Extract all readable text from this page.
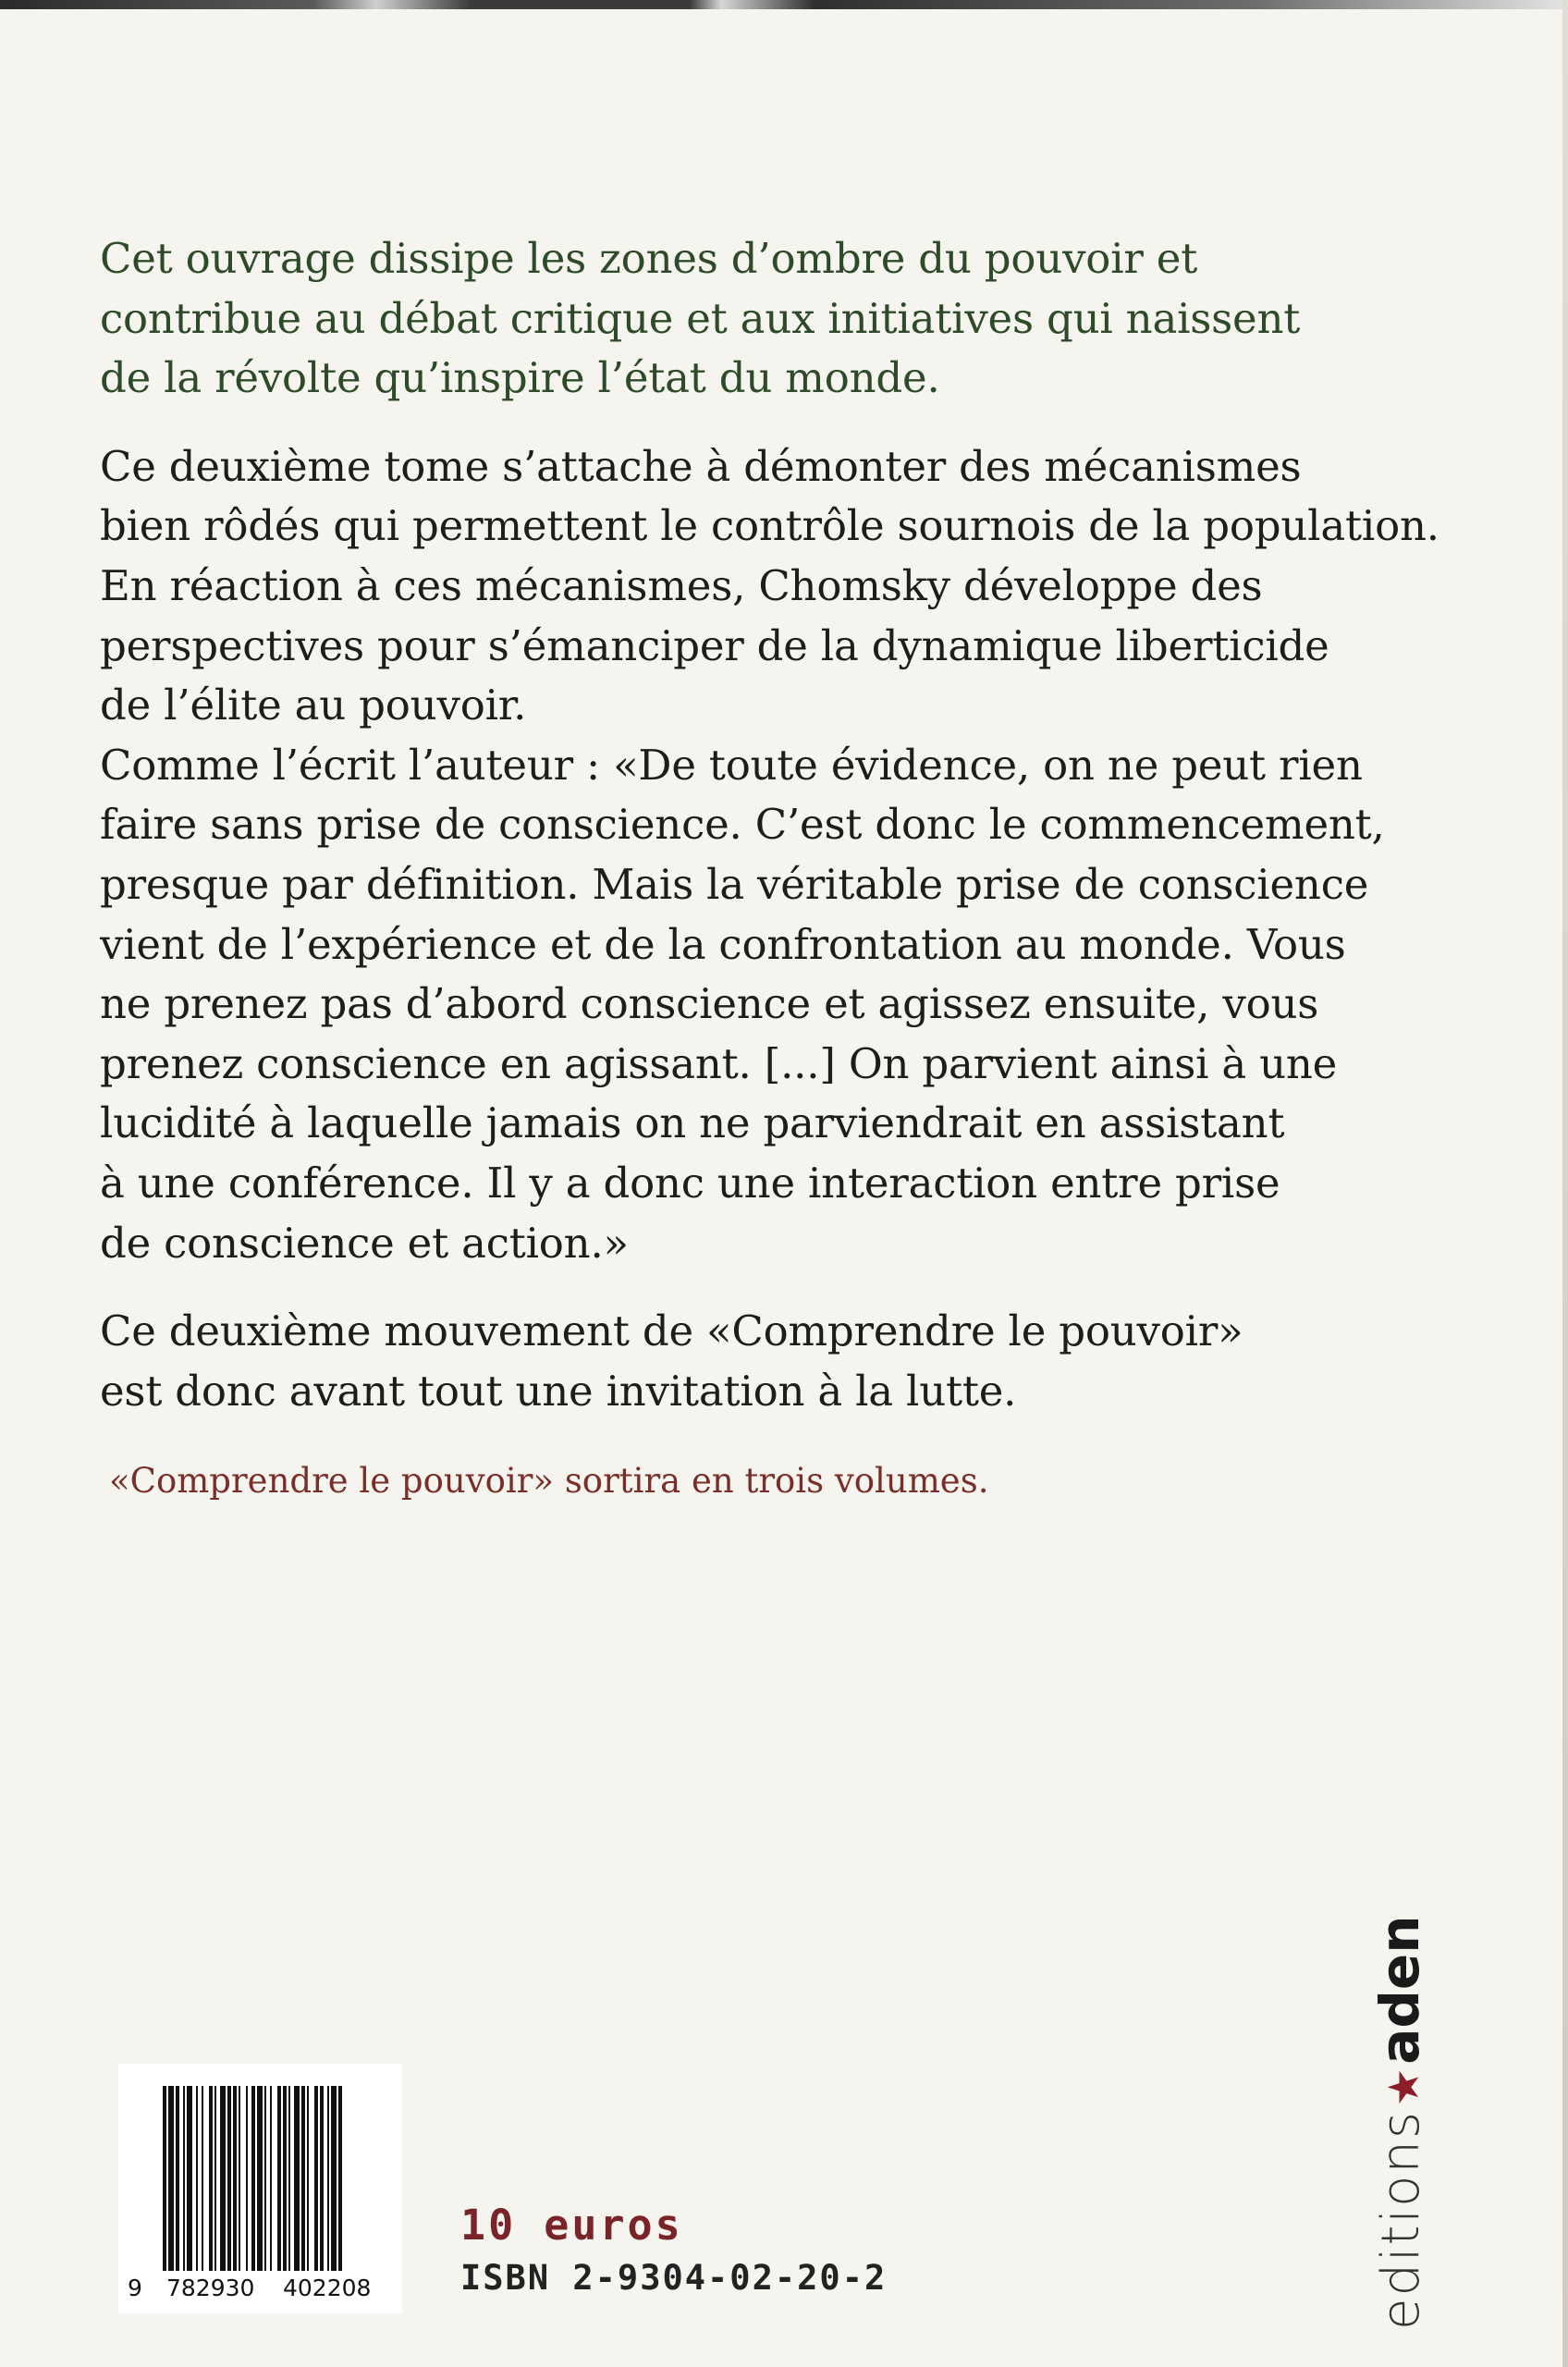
Cet ouvrage dissipe les zones d’ombre du pouvoir et
contribue au débat critique et aux initiatives qui naissent
de la révolte qu’inspire l’état du monde.
Ce deuxième tome s’attache à démonter des mécanismes
bien rôdés qui permettent le contrôle sournois de la population.
En réaction à ces mécanismes, Chomsky développe des
perspectives pour s’émanciper de la dynamique liberticide
de l’élite au pouvoir.
Comme l’écrit l’auteur : «De toute évidence, on ne peut rien
faire sans prise de conscience. C’est donc le commencement,
presque par définition. Mais la véritable prise de conscience
vient de l’expérience et de la confrontation au monde. Vous
ne prenez pas d’abord conscience et agissez ensuite, vous
prenez conscience en agissant. [...] On parvient ainsi à une
lucidité à laquelle jamais on ne parviendrait en assistant
à une conférence. Il y a donc une interaction entre prise
de conscience et action.»
Ce deuxième mouvement de «Comprendre le pouvoir»
est donc avant tout une invitation à la lutte.
«Comprendre le pouvoir» sortira en trois volumes.
9 782930 402208
10 euros
ISBN 2-9304-02-20-2	editions★aden
